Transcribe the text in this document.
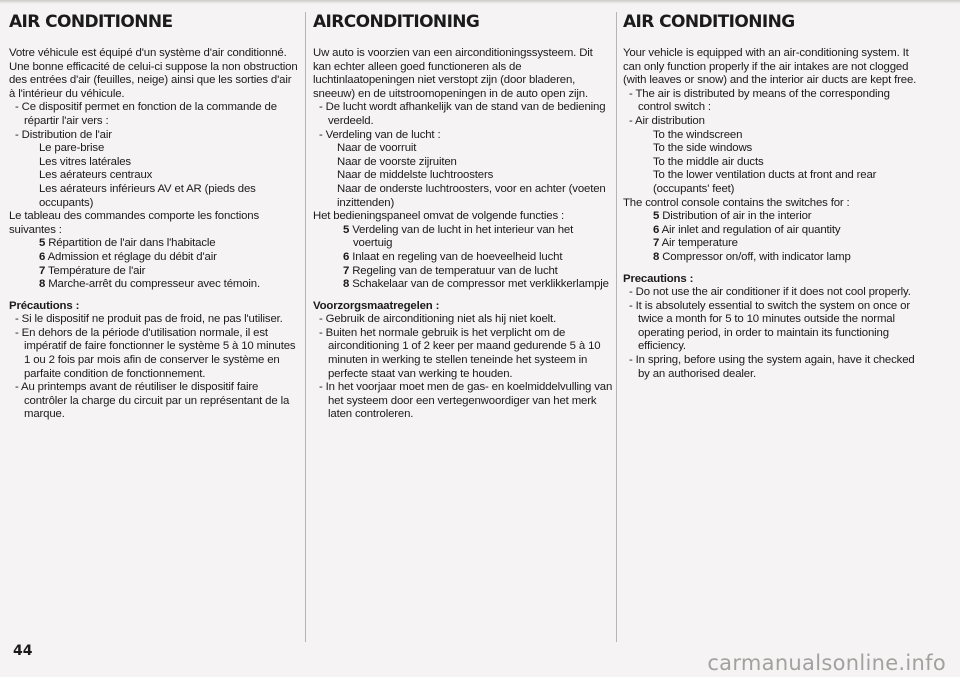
AIR CONDITIONNE

Votre véhicule est équipé d'un système d'air conditionné. Une bonne efficacité de celui-ci suppose la non obstruction des entrées d'air (feuilles, neige) ainsi que les sorties d'air à l'intérieur du véhicule.

- Ce dispositif permet en fonction de la commande de répartir l'air vers :

- Distribution de l'air

Le pare-brise

Les vitres latérales

Les aérateurs centraux

Les aérateurs inférieurs AV et AR (pieds des occupants)

Le tableau des commandes comporte les fonctions suivantes :

5 Répartition de l'air dans l'habitacle

6 Admission et réglage du débit d'air

7 Température de l'air

8 Marche-arrêt du compresseur avec témoin.

Précautions :

- Si le dispositif ne produit pas de froid, ne pas l'utiliser.

- En dehors de la période d'utilisation normale, il est impératif de faire fonctionner le système 5 à 10 minutes 1 ou 2 fois par mois afin de conserver le système en parfaite condition de fonctionnement.

- Au printemps avant de réutiliser le dispositif faire contrôler la charge du circuit par un représentant de la marque.

AIRCONDITIONING

Uw auto is voorzien van een airconditioningssysteem. Dit kan echter alleen goed functioneren als de luchtinlaatopeningen niet verstopt zijn (door bladeren, sneeuw) en de uitstroomopeningen in de auto open zijn.

- De lucht wordt afhankelijk van de stand van de bediening verdeeld.

- Verdeling van de lucht :

Naar de voorruit

Naar de voorste zijruiten

Naar de middelste luchtroosters

Naar de onderste luchtroosters, voor en achter (voeten inzittenden)

Het bedieningspaneel omvat de volgende functies :

5 Verdeling van de lucht in het interieur van het voertuig

6 Inlaat en regeling van de hoeveelheid lucht

7 Regeling van de temperatuur van de lucht

8 Schakelaar van de compressor met verklikkerlampje

Voorzorgsmaatregelen :

- Gebruik de airconditioning niet als hij niet koelt.

- Buiten het normale gebruik is het verplicht om de airconditioning 1 of 2 keer per maand gedurende 5 à 10 minuten in werking te stellen teneinde het systeem in perfecte staat van werking te houden.

- In het voorjaar moet men de gas- en koelmiddelvulling van het systeem door een vertegenwoordiger van het merk laten controleren.

AIR CONDITIONING

Your vehicle is equipped with an air-conditioning system. It can only function properly if the air intakes are not clogged (with leaves or snow) and the interior air ducts are kept free.

- The air is distributed by means of the corresponding control switch :

- Air distribution

To the windscreen

To the side windows

To the middle air ducts

To the lower ventilation ducts at front and rear (occupants' feet)

The control console contains the switches for :

5 Distribution of air in the interior

6 Air inlet and regulation of air quantity

7 Air temperature

8 Compressor on/off, with indicator lamp

Precautions :

- Do not use the air conditioner if it does not cool properly.

- It is absolutely essential to switch the system on once or twice a month for 5 to 10 minutes outside the normal operating period, in order to maintain its functioning efficiency.

- In spring, before using the system again, have it checked by an authorised dealer.

44	carmanualsonline.info
